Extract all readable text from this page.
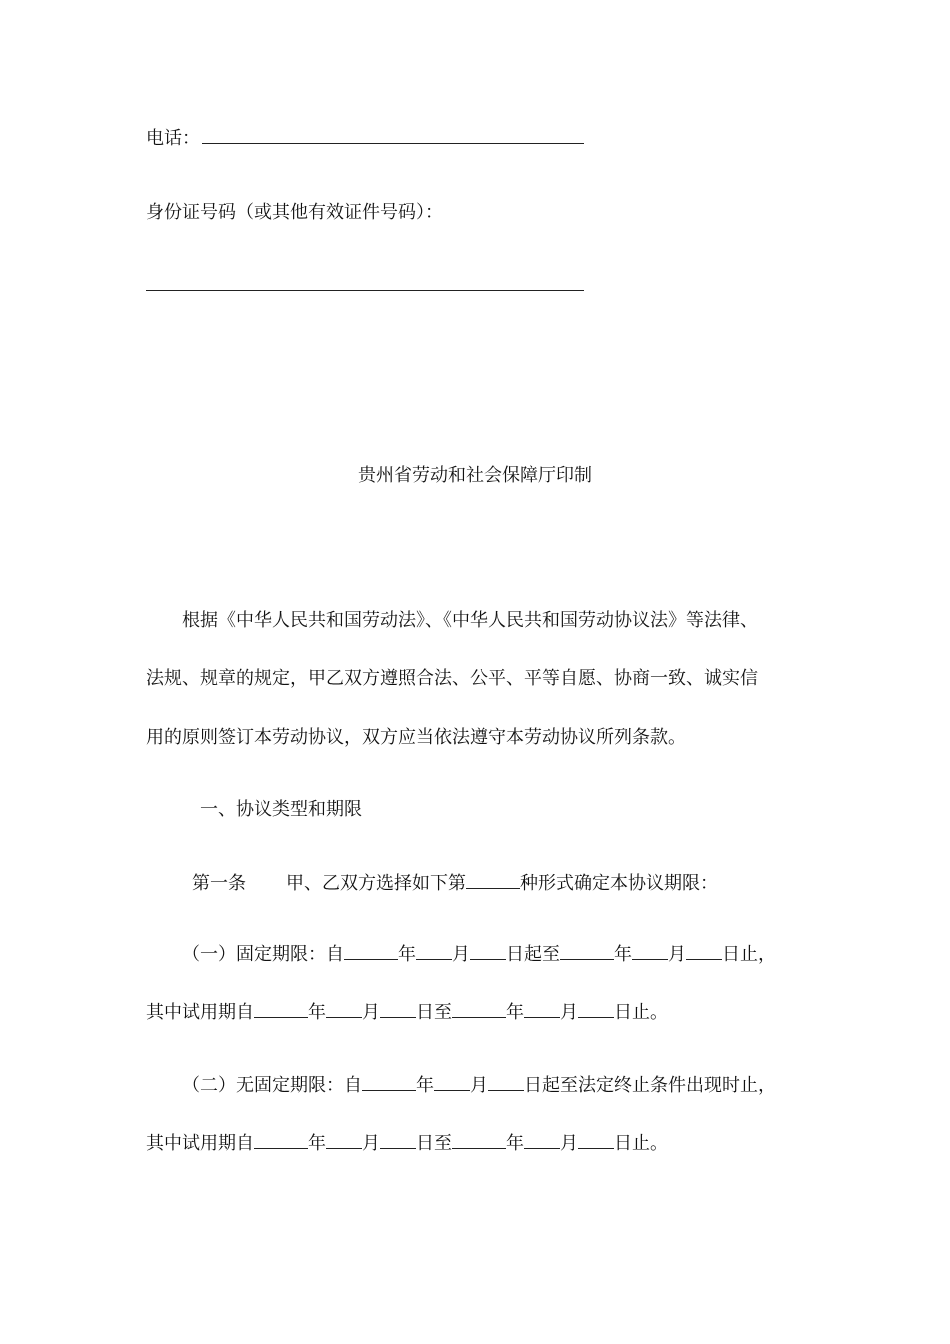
电话：
身份证号码（或其他有效证件号码）：
贵州省劳动和社会保障厅印制
根据《中华人民共和国劳动法》、《中华人民共和国劳动协议法》等法律、
法规、规章的规定，甲乙双方遵照合法、公平、平等自愿、协商一致、诚实信
用的原则签订本劳动协议，双方应当依法遵守本劳动协议所列条款。
一、协议类型和期限
第一条 甲、乙双方选择如下第	种形式确定本协议期限：
（一）固定期限：自	年 月 日起至	年 月 日止，
其中试用期自	年 月 日至	年 月 日止。
（二）无固定期限：自	年 月 日起至法定终止条件出现时止，
其中试用期自	年 月 日至	年 月 日止。
